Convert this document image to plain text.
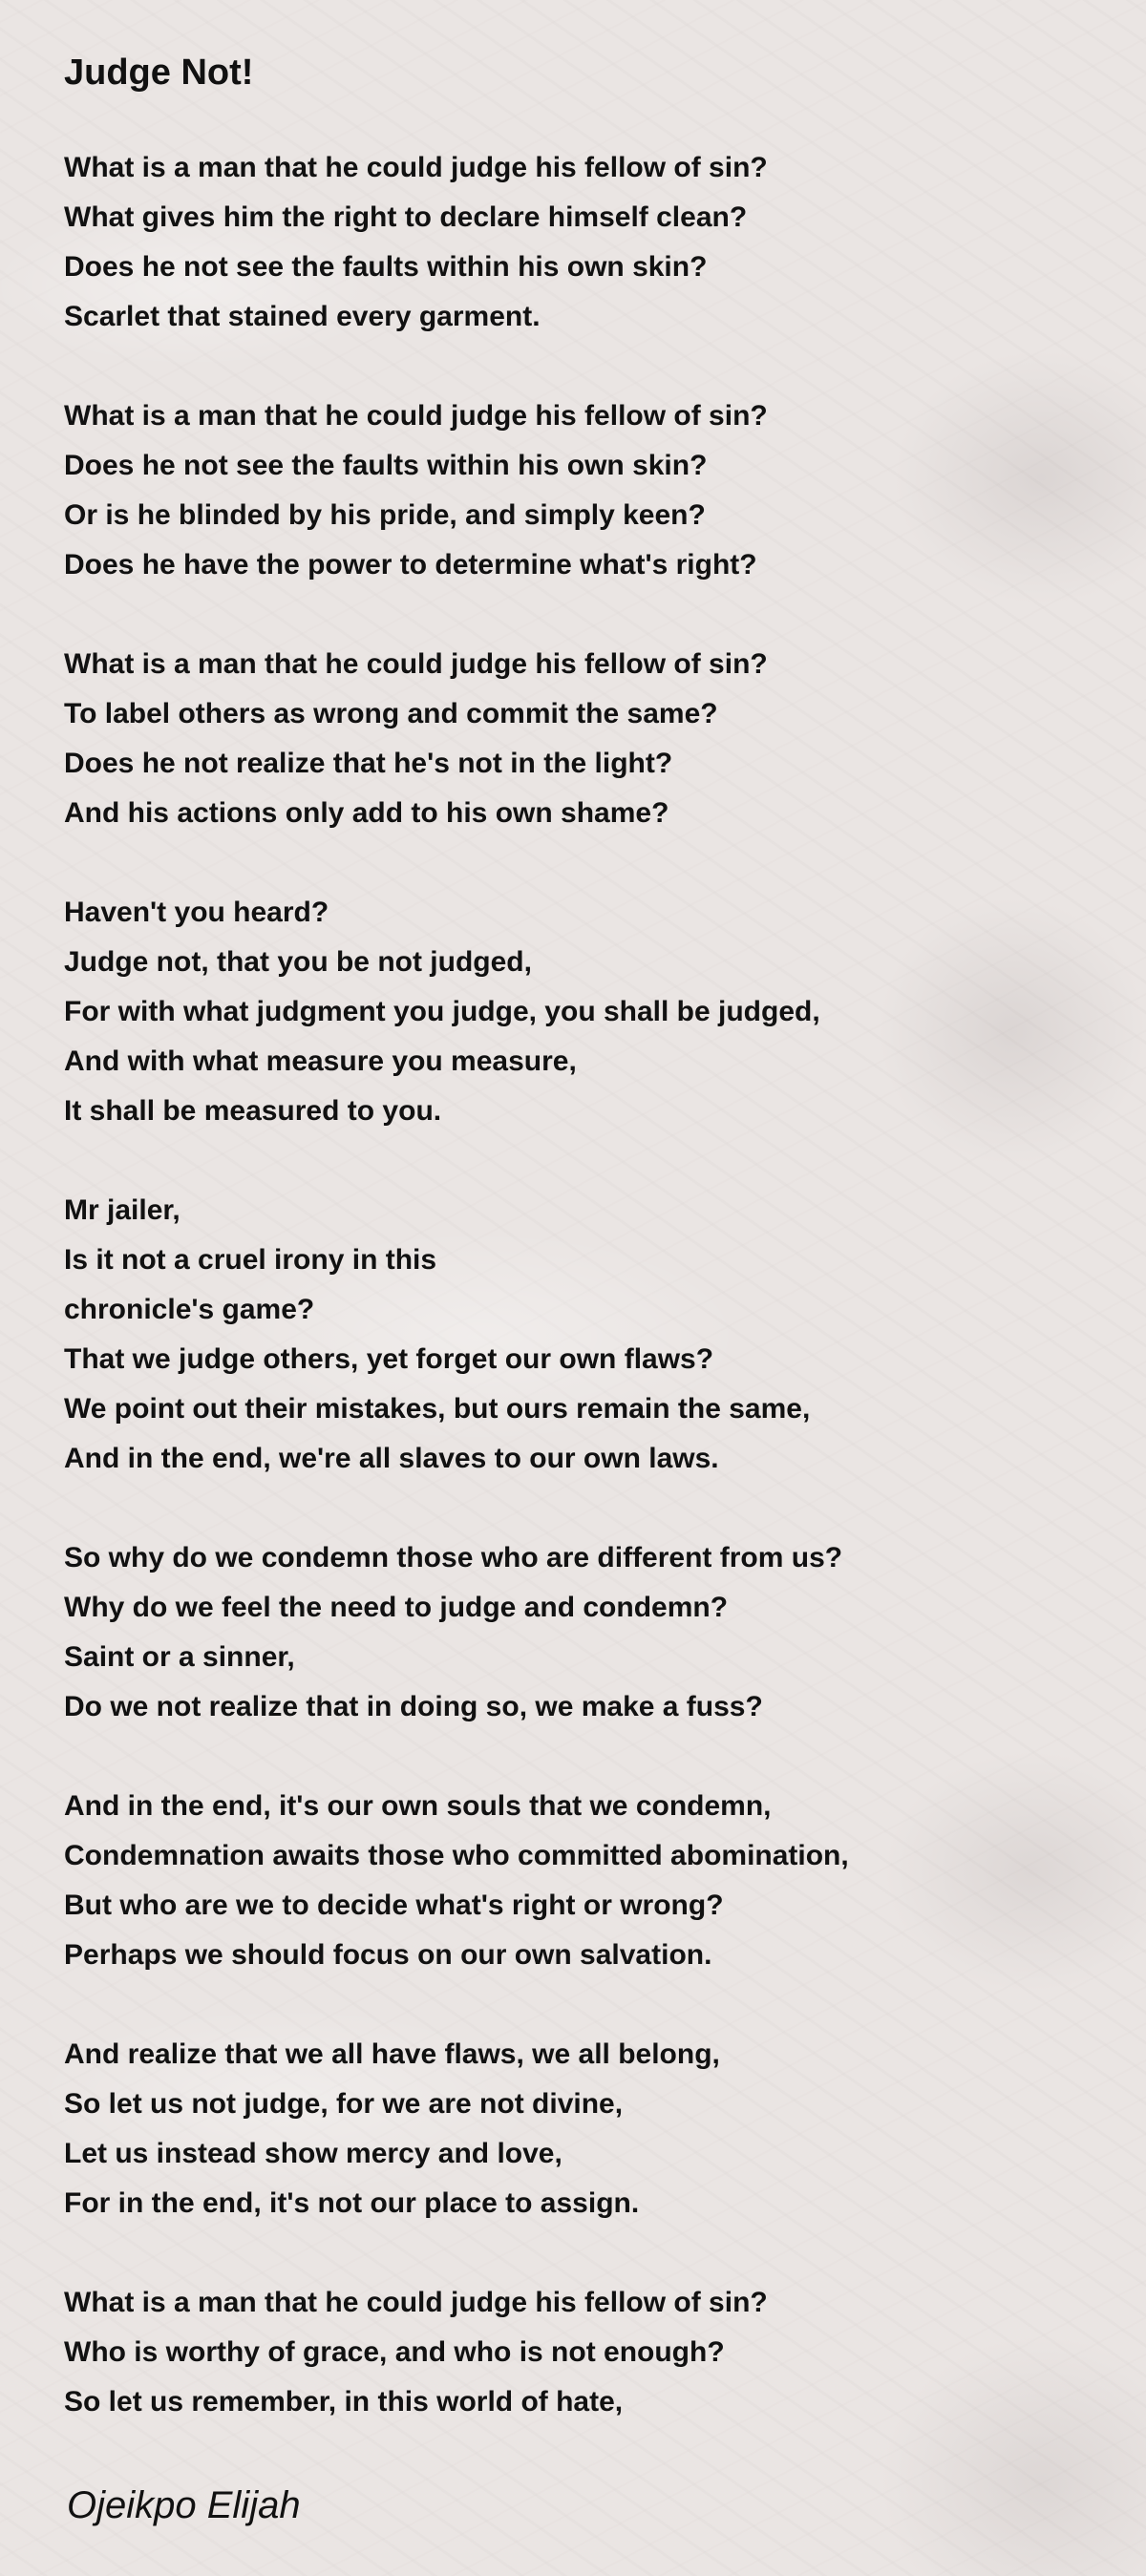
Judge Not!
What is a man that he could judge his fellow of sin?
What gives him the right to declare himself clean?
Does he not see the faults within his own skin?
Scarlet that stained every garment.
What is a man that he could judge his fellow of sin?
Does he not see the faults within his own skin?
Or is he blinded by his pride, and simply keen?
Does he have the power to determine what's right?
What is a man that he could judge his fellow of sin?
To label others as wrong and commit the same?
Does he not realize that he's not in the light?
And his actions only add to his own shame?
Haven't you heard?
Judge not, that you be not judged,
For with what judgment you judge, you shall be judged,
And with what measure you measure,
It shall be measured to you.
Mr jailer,
Is it not a cruel irony in this
chronicle's game?
That we judge others, yet forget our own flaws?
We point out their mistakes, but ours remain the same,
And in the end, we're all slaves to our own laws.
So why do we condemn those who are different from us?
Why do we feel the need to judge and condemn?
Saint or a sinner,
Do we not realize that in doing so, we make a fuss?
And in the end, it's our own souls that we condemn,
Condemnation awaits those who committed abomination,
But who are we to decide what's right or wrong?
Perhaps we should focus on our own salvation.
And realize that we all have flaws, we all belong,
So let us not judge, for we are not divine,
Let us instead show mercy and love,
For in the end, it's not our place to assign.
What is a man that he could judge his fellow of sin?
Who is worthy of grace, and who is not enough?
So let us remember, in this world of hate,

Ojeikpo Elijah
